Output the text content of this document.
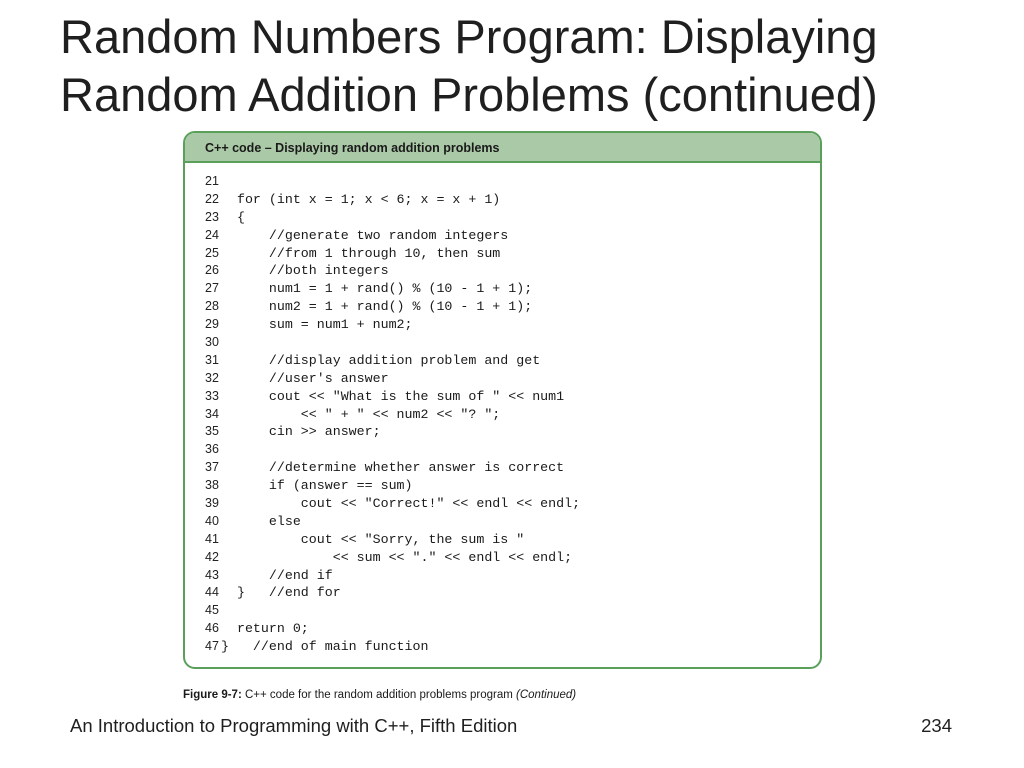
Random Numbers Program: Displaying
Random Addition Problems (continued)
C++ code – Displaying random addition problems
21
22 for (int x = 1; x < 6; x = x + 1)
23 {
24 //generate two random integers
25 //from 1 through 10, then sum
26 //both integers
27 num1 = 1 + rand() % (10 - 1 + 1);
28 num2 = 1 + rand() % (10 - 1 + 1);
29 sum = num1 + num2;
30
31 //display addition problem and get
32 //user's answer
33 cout << "What is the sum of " << num1
34 << " + " << num2 << "? ";
35 cin >> answer;
36
37 //determine whether answer is correct
38 if (answer == sum)
39 cout << "Correct!" << endl << endl;
40 else
41 cout << "Sorry, the sum is "
42 << sum << "." << endl << endl;
43 //end if
44 }   //end for
45
46 return 0;
47 }   //end of main function
Figure 9-7: C++ code for the random addition problems program (Continued)
An Introduction to Programming with C++, Fifth Edition	234
